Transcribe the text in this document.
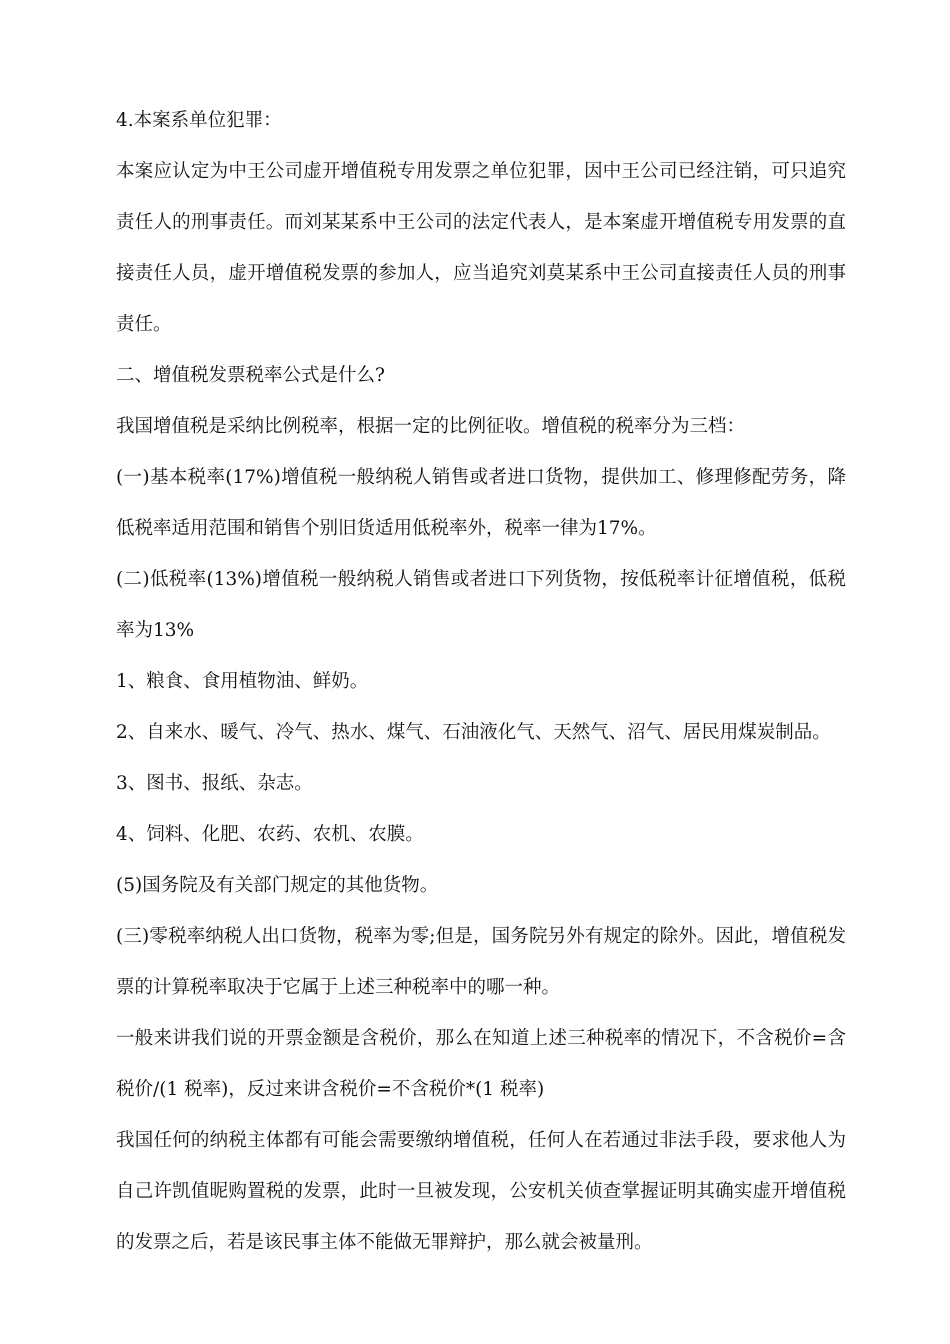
4.本案系单位犯罪：

本案应认定为中王公司虚开增值税专用发票之单位犯罪，因中王公司已经注销，可只追究责任人的刑事责任。而刘某某系中王公司的法定代表人，是本案虚开增值税专用发票的直接责任人员，虚开增值税发票的参加人，应当追究刘莫某系中王公司直接责任人员的刑事责任。

二、增值税发票税率公式是什么?

我国增值税是采纳比例税率，根据一定的比例征收。增值税的税率分为三档：

(一)基本税率(17%)增值税一般纳税人销售或者进口货物，提供加工、修理修配劳务，降低税率适用范围和销售个别旧货适用低税率外，税率一律为17%。

(二)低税率(13%)增值税一般纳税人销售或者进口下列货物，按低税率计征增值税，低税率为13%

1、粮食、食用植物油、鲜奶。

2、自来水、暖气、冷气、热水、煤气、石油液化气、天然气、沼气、居民用煤炭制品。

3、图书、报纸、杂志。

4、饲料、化肥、农药、农机、农膜。

(5)国务院及有关部门规定的其他货物。

(三)零税率纳税人出口货物，税率为零;但是，国务院另外有规定的除外。因此，增值税发票的计算税率取决于它属于上述三种税率中的哪一种。

一般来讲我们说的开票金额是含税价，那么在知道上述三种税率的情况下，不含税价=含税价/(1 税率)，反过来讲含税价=不含税价*(1 税率)

我国任何的纳税主体都有可能会需要缴纳增值税，任何人在若通过非法手段，要求他人为自己许凯值昵购置税的发票，此时一旦被发现，公安机关侦查掌握证明其确实虚开增值税的发票之后，若是该民事主体不能做无罪辩护，那么就会被量刑。
